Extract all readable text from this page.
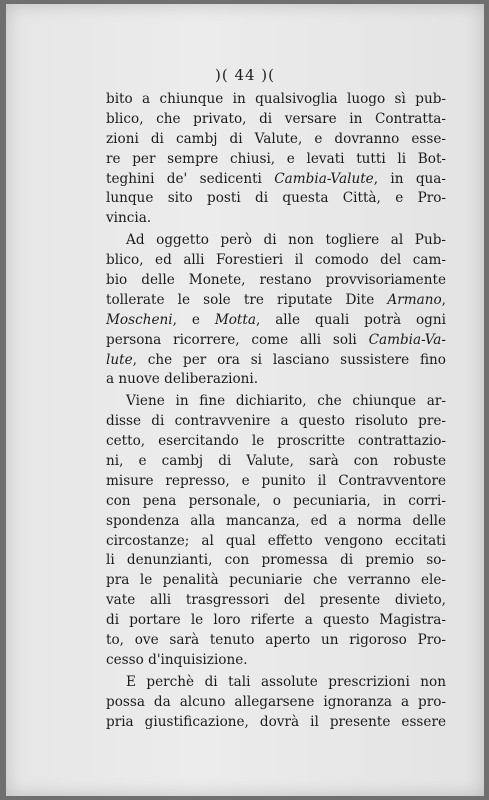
)( 44 )(
bito a chiunque in qualsivoglia luogo sì pub-
blico, che privato, di versare in Contratta-
zioni di cambj di Valute, e dovranno esse-
re per sempre chiusi, e levati tutti li Bot-
teghini de' sedicenti Cambia-Valute, in qua-
lunque sito posti di questa Città, e Pro-
vincia.
Ad oggetto però di non togliere al Pub-
blico, ed alli Forestieri il comodo del cam-
bio delle Monete, restano provvisoriamente
tollerate le sole tre riputate Dite Armano,
Moscheni, e Motta, alle quali potrà ogni
persona ricorrere, come alli soli Cambia-Va-
lute, che per ora si lasciano sussistere fino
a nuove deliberazioni.
Viene in fine dichiarito, che chiunque ar-
disse di contravvenire a questo risoluto pre-
cetto, esercitando le proscritte contrattazio-
ni, e cambj di Valute, sarà con robuste
misure represso, e punito il Contravventore
con pena personale, o pecuniaria, in corri-
spondenza alla mancanza, ed a norma delle
circostanze; al qual effetto vengono eccitati
li denunzianti, con promessa di premio so-
pra le penalità pecuniarie che verranno ele-
vate alli trasgressori del presente divieto,
di portare le loro riferte a questo Magistra-
to, ove sarà tenuto aperto un rigoroso Pro-
cesso d'inquisizione.
E perchè di tali assolute prescrizioni non
possa da alcuno allegarsene ignoranza a pro-
pria giustificazione, dovrà il presente essere
